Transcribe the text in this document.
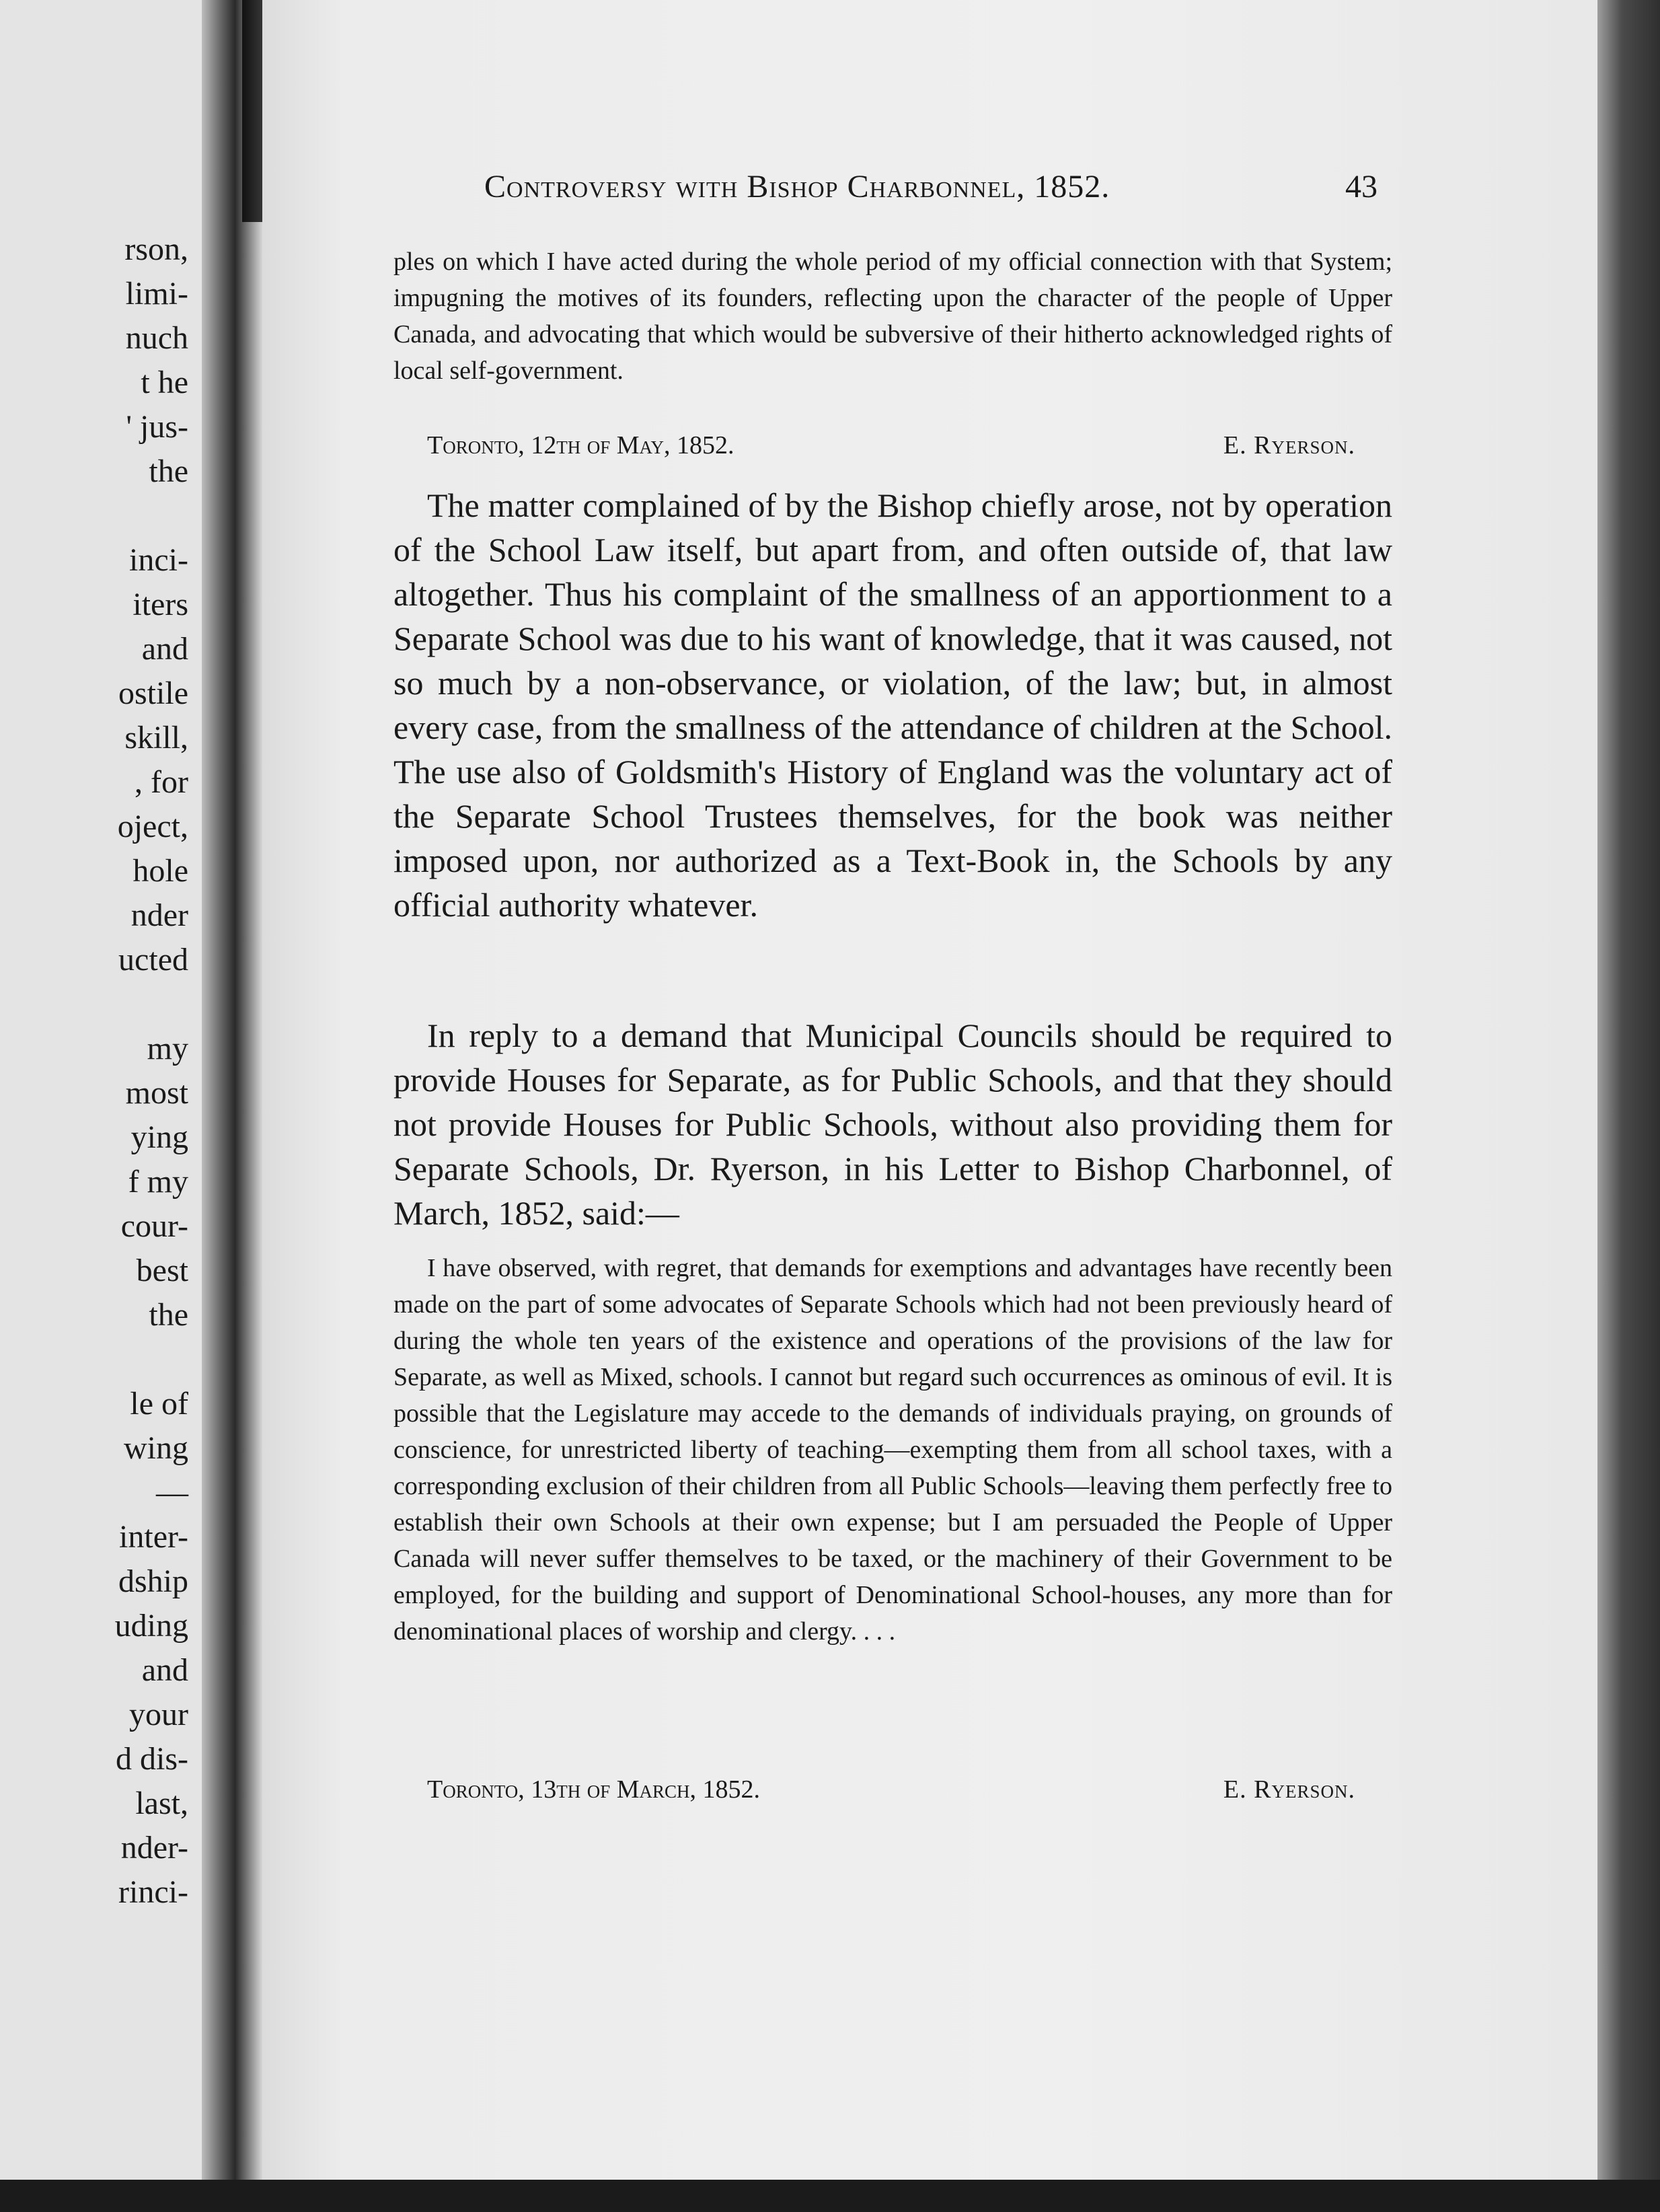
rson,
limi-
nuch
t he
' jus-
the
inci-
iters
and
ostile
skill,
, for
oject,
hole
nder
ucted
my
most
ying
f my
cour-
best
the
le of
wing
—
inter-
dship
uding
and
your
d dis-
last,
nder-
rinci-
Controversy with Bishop Charbonnel, 1852.	43
ples on which I have acted during the whole period of my official connection with that System; impugning the motives of its founders, reflecting upon the character of the people of Upper Canada, and advocating that which would be subversive of their hitherto acknowledged rights of local self-government.
Toronto, 12th of May, 1852.	E. Ryerson.
The matter complained of by the Bishop chiefly arose, not by operation of the School Law itself, but apart from, and often outside of, that law altogether. Thus his complaint of the smallness of an apportionment to a Separate School was due to his want of knowledge, that it was caused, not so much by a non-observance, or violation, of the law; but, in almost every case, from the smallness of the attendance of children at the School. The use also of Goldsmith's History of England was the voluntary act of the Separate School Trustees themselves, for the book was neither imposed upon, nor authorized as a Text-Book in, the Schools by any official authority whatever.
In reply to a demand that Municipal Councils should be required to provide Houses for Separate, as for Public Schools, and that they should not provide Houses for Public Schools, without also providing them for Separate Schools, Dr. Ryerson, in his Letter to Bishop Charbonnel, of March, 1852, said:—
I have observed, with regret, that demands for exemptions and advantages have recently been made on the part of some advocates of Separate Schools which had not been previously heard of during the whole ten years of the existence and operations of the provisions of the law for Separate, as well as Mixed, schools. I cannot but regard such occurrences as ominous of evil. It is possible that the Legislature may accede to the demands of individuals praying, on grounds of conscience, for unrestricted liberty of teaching—exempting them from all school taxes, with a corresponding exclusion of their children from all Public Schools—leaving them perfectly free to establish their own Schools at their own expense; but I am persuaded the People of Upper Canada will never suffer themselves to be taxed, or the machinery of their Government to be employed, for the building and support of Denominational School-houses, any more than for denominational places of worship and clergy. . . .
Toronto, 13th of March, 1852.	E. Ryerson.
